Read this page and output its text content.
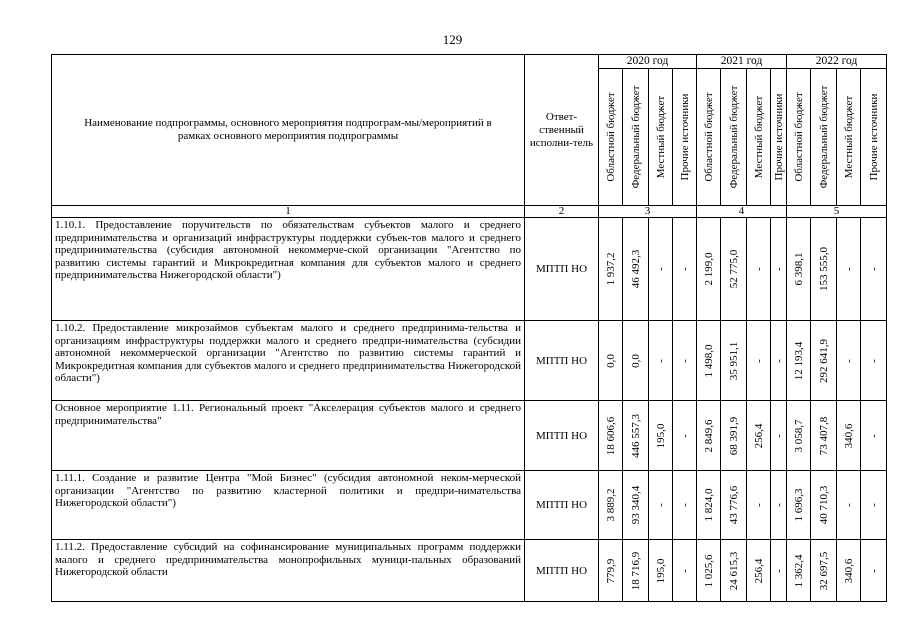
129
Наименование подпрограммы, основного мероприятия подпрограм-мы/мероприятий в рамках основного мероприятия подпрограммы	Ответ-ственный исполни-тель	2020 год				2021 год				2022 год			

		Областной бюджет	Федеральный бюджет	Местный бюджет	Прочие источники	Областной бюджет	Федеральный бюджет	Местный бюджет	Прочие источники	Областной бюджет	Федеральный бюджет	Местный бюджет	Прочие источники

1	2	3				4				5			
1.10.1. Предоставление поручительств по обязательствам субъектов малого и среднего предпринимательства и организаций инфраструктуры поддержки субъек-тов малого и среднего предпринимательства (субсидия автономной некоммерче-ской организации "Агентство по развитию системы гарантий и Микрокредитная компания для субъектов малого и среднего предпринимательства Нижегородской области")	МПТП НО	1 937,2	46 492,3	-	-	2 199,0	52 775,0	-	-	6 398,1	153 555,0	-	-

1.10.2. Предоставление микрозаймов субъектам малого и среднего предпринима-тельства и организациям инфраструктуры поддержки малого и среднего предпри-нимательства (субсидии автономной некоммерческой организации "Агентство по развитию системы гарантий и Микрокредитная компания для субъектов малого и среднего предпринимательства Нижегородской области")	МПТП НО	0,0	0,0	-	-	1 498,0	35 951,1	-	-	12 193,4	292 641,9	-	-

Основное мероприятие 1.11. Региональный проект "Акселерация субъектов малого и среднего предпринимательства"	МПТП НО	18 606,6	446 557,3	195,0	-	2 849,6	68 391,9	256,4	-	3 058,7	73 407,8	340,6	-

1.11.1. Создание и развитие Центра "Мой Бизнес" (субсидия автономной неком-мерческой организации "Агентство по развитию кластерной политики и предпри-нимательства Нижегородской области")	МПТП НО	3 889,2	93 340,4	-	-	1 824,0	43 776,6	-	-	1 696,3	40 710,3	-	-

1.11.2. Предоставление субсидий на софинансирование муниципальных программ поддержки малого и среднего предпринимательства монопрофильных муници-пальных образований Нижегородской области	МПТП НО	779,9	18 716,9	195,0	-	1 025,6	24 615,3	256,4	-	1 362,4	32 697,5	340,6	-
